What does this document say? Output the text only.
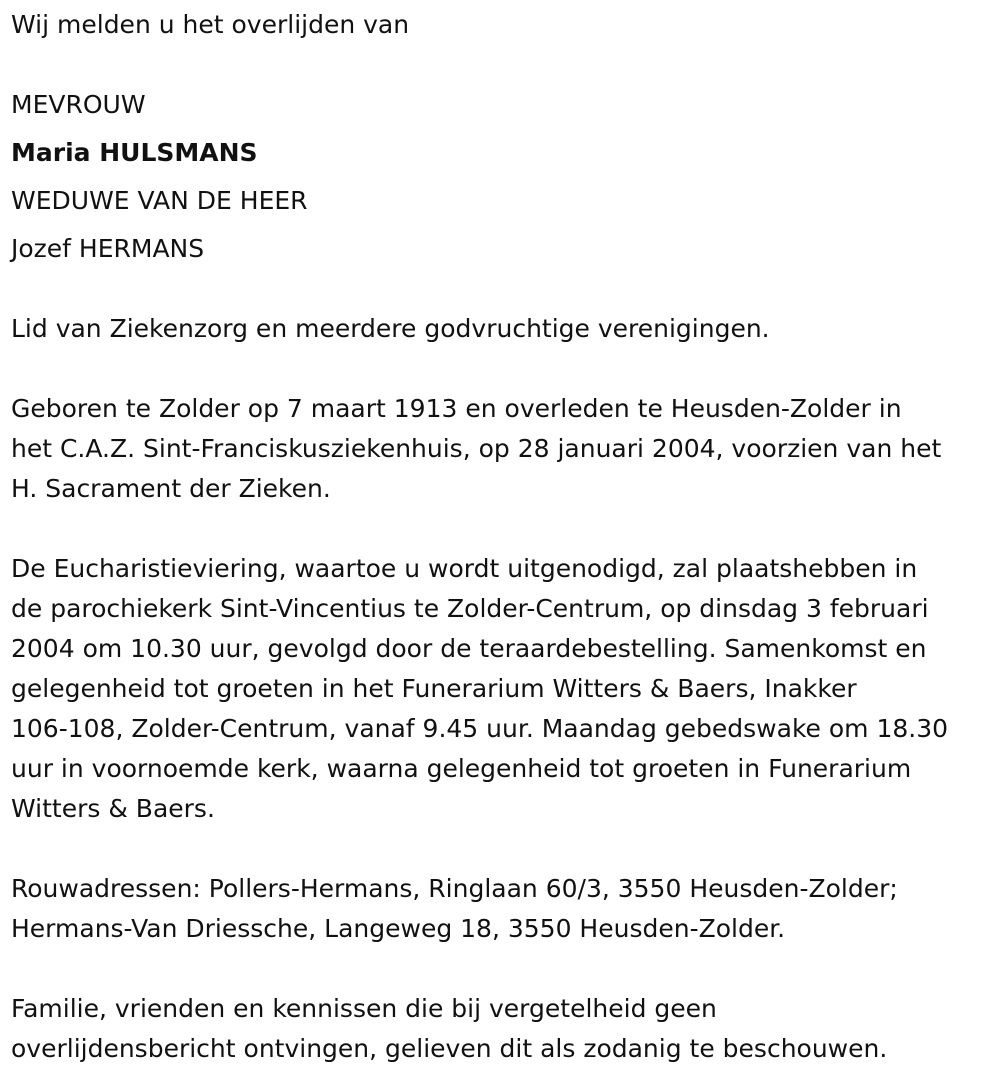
Wij melden u het overlijden van
MEVROUW
Maria HULSMANS
WEDUWE VAN DE HEER
Jozef HERMANS
Lid van Ziekenzorg en meerdere godvruchtige verenigingen.
Geboren te Zolder op 7 maart 1913 en overleden te Heusden-Zolder in
het C.A.Z. Sint-Franciskusziekenhuis, op 28 januari 2004, voorzien van het
H. Sacrament der Zieken.
De Eucharistieviering, waartoe u wordt uitgenodigd, zal plaatshebben in
de parochiekerk Sint-Vincentius te Zolder-Centrum, op dinsdag 3 februari
2004 om 10.30 uur, gevolgd door de teraardebestelling. Samenkomst en
gelegenheid tot groeten in het Funerarium Witters & Baers, Inakker
106-108, Zolder-Centrum, vanaf 9.45 uur. Maandag gebedswake om 18.30
uur in voornoemde kerk, waarna gelegenheid tot groeten in Funerarium
Witters & Baers.
Rouwadressen: Pollers-Hermans, Ringlaan 60/3, 3550 Heusden-Zolder;
Hermans-Van Driessche, Langeweg 18, 3550 Heusden-Zolder.
Familie, vrienden en kennissen die bij vergetelheid geen
overlijdensbericht ontvingen, gelieven dit als zodanig te beschouwen.
